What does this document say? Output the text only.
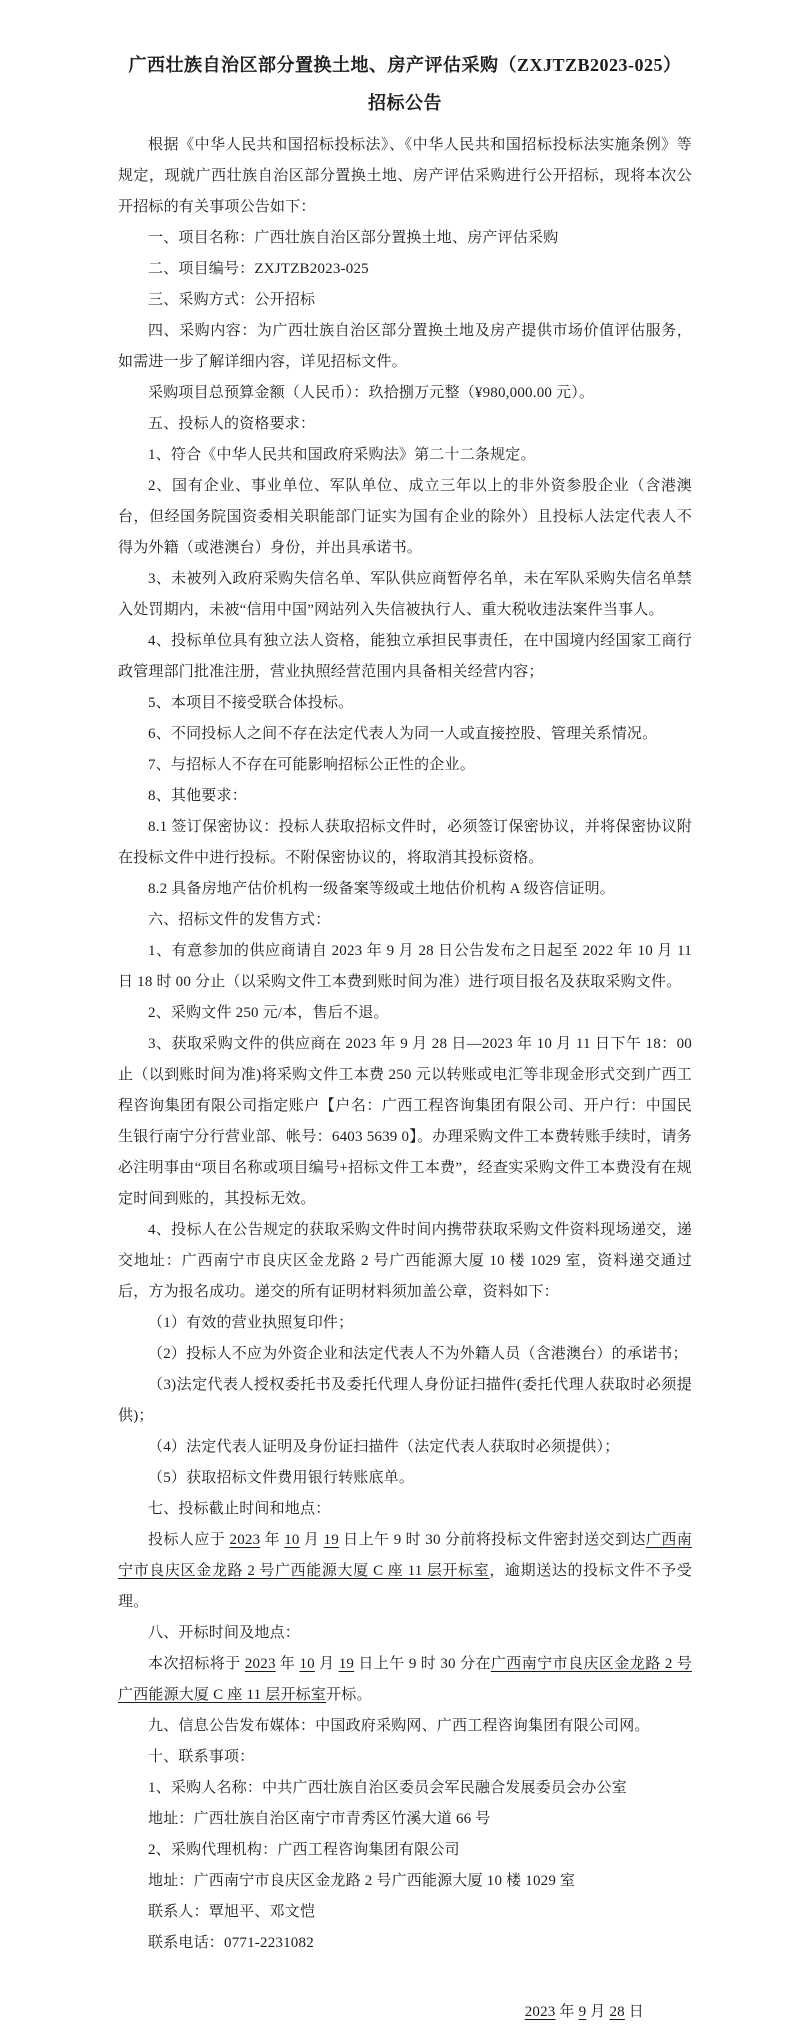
广西壮族自治区部分置换土地、房产评估采购（ZXJTZB2023-025）
招标公告

根据《中华人民共和国招标投标法》、《中华人民共和国招标投标法实施条例》等规定，现就广西壮族自治区部分置换土地、房产评估采购进行公开招标，现将本次公开招标的有关事项公告如下：

一、项目名称：广西壮族自治区部分置换土地、房产评估采购

二、项目编号：ZXJTZB2023-025

三、采购方式：公开招标

四、采购内容：为广西壮族自治区部分置换土地及房产提供市场价值评估服务，如需进一步了解详细内容，详见招标文件。

采购项目总预算金额（人民币）：玖拾捌万元整（¥980,000.00 元）。

五、投标人的资格要求：

1、符合《中华人民共和国政府采购法》第二十二条规定。

2、国有企业、事业单位、军队单位、成立三年以上的非外资参股企业（含港澳台，但经国务院国资委相关职能部门证实为国有企业的除外）且投标人法定代表人不得为外籍（或港澳台）身份，并出具承诺书。

3、未被列入政府采购失信名单、军队供应商暂停名单，未在军队采购失信名单禁入处罚期内，未被“信用中国”网站列入失信被执行人、重大税收违法案件当事人。

4、投标单位具有独立法人资格，能独立承担民事责任，在中国境内经国家工商行政管理部门批准注册，营业执照经营范围内具备相关经营内容；

5、本项目不接受联合体投标。

6、不同投标人之间不存在法定代表人为同一人或直接控股、管理关系情况。

7、与招标人不存在可能影响招标公正性的企业。

8、其他要求：

8.1 签订保密协议：投标人获取招标文件时，必须签订保密协议，并将保密协议附在投标文件中进行投标。不附保密协议的，将取消其投标资格。

8.2 具备房地产估价机构一级备案等级或土地估价机构 A 级咨信证明。

六、招标文件的发售方式：

1、有意参加的供应商请自 2023 年 9 月 28 日公告发布之日起至 2022 年 10 月 11 日 18 时 00 分止（以采购文件工本费到账时间为准）进行项目报名及获取采购文件。

2、采购文件 250 元/本，售后不退。

3、获取采购文件的供应商在 2023 年 9 月 28 日—2023 年 10 月 11 日下午 18：00 止（以到账时间为准)将采购文件工本费 250 元以转账或电汇等非现金形式交到广西工程咨询集团有限公司指定账户【户名：广西工程咨询集团有限公司、开户行：中国民生银行南宁分行营业部、帐号：6403 5639 0】。办理采购文件工本费转账手续时，请务必注明事由“项目名称或项目编号+招标文件工本费”，经查实采购文件工本费没有在规定时间到账的，其投标无效。

4、投标人在公告规定的获取采购文件时间内携带获取采购文件资料现场递交，递交地址：广西南宁市良庆区金龙路 2 号广西能源大厦 10 楼 1029 室，资料递交通过后，方为报名成功。递交的所有证明材料须加盖公章，资料如下：

（1）有效的营业执照复印件；

（2）投标人不应为外资企业和法定代表人不为外籍人员（含港澳台）的承诺书；

（3)法定代表人授权委托书及委托代理人身份证扫描件(委托代理人获取时必须提供)；

（4）法定代表人证明及身份证扫描件（法定代表人获取时必须提供）；

（5）获取招标文件费用银行转账底单。

七、投标截止时间和地点：

投标人应于 2023 年 10 月 19 日上午 9 时 30 分前将投标文件密封送交到达广西南宁市良庆区金龙路 2 号广西能源大厦 C 座 11 层开标室，逾期送达的投标文件不予受理。

八、开标时间及地点：

本次招标将于 2023 年 10 月 19 日上午 9 时 30 分在广西南宁市良庆区金龙路 2 号广西能源大厦 C 座 11 层开标室开标。

九、信息公告发布媒体：中国政府采购网、广西工程咨询集团有限公司网。

十、联系事项：

1、采购人名称：中共广西壮族自治区委员会军民融合发展委员会办公室

地址：广西壮族自治区南宁市青秀区竹溪大道 66 号

2、采购代理机构：广西工程咨询集团有限公司

地址：广西南宁市良庆区金龙路 2 号广西能源大厦 10 楼 1029 室

联系人：覃旭平、邓文恺

联系电话：0771-2231082

2023 年 9 月 28 日
